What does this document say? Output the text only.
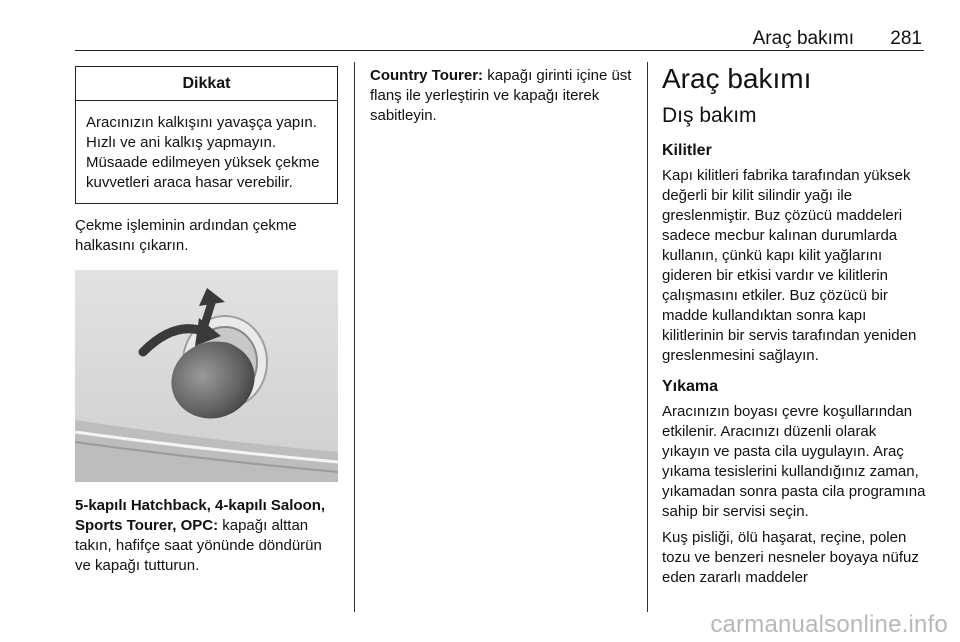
Araç bakımı 281
Dikkat
Aracınızın kalkışını yavaşça yapın. Hızlı ve ani kalkış yapmayın. Müsaade edilmeyen yüksek çekme kuvvetleri araca hasar verebilir.

Çekme işleminin ardından çekme halkasını çıkarın.

5-kapılı Hatchback, 4-kapılı Saloon, Sports Tourer, OPC: kapağı alttan takın, hafifçe saat yönünde döndürün ve kapağı tutturun.

Country Tourer: kapağı girinti içine üst flanş ile yerleştirin ve kapağı iterek sabitleyin.

Araç bakımı
Dış bakım
Kilitler

Kapı kilitleri fabrika tarafından yüksek değerli bir kilit silindir yağı ile greslenmiştir. Buz çözücü maddeleri sadece mecbur kalınan durumlarda kullanın, çünkü kapı kilit yağlarını gideren bir etkisi vardır ve kilitlerin çalışmasını etkiler. Buz çözücü bir madde kullandıktan sonra kapı kilitlerinin bir servis tarafından yeniden greslenmesini sağlayın.

Yıkama

Aracınızın boyası çevre koşullarından etkilenir. Aracınızı düzenli olarak yıkayın ve pasta cila uygulayın. Araç yıkama tesislerini kullandığınız zaman, yıkamadan sonra pasta cila programına sahip bir servisi seçin.

Kuş pisliği, ölü haşarat, reçine, polen tozu ve benzeri nesneler boyaya nüfuz eden zararlı maddeler

carmanualsonline.info
